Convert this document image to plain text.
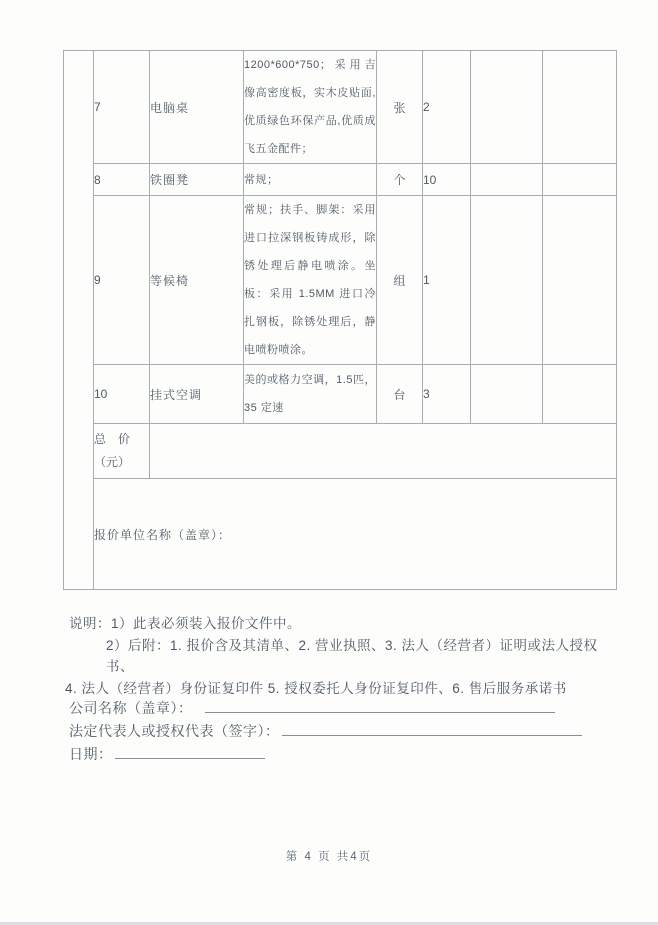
	7	电脑桌	1200*600*750；采用吉像高密度板，实木皮贴面,优质绿色环保产品,优质成飞五金配件；	张	2		
	8	铁圈凳	常规；	个	10		
	9	等候椅	常规；扶手、脚架：采用进口拉深钢板铸成形，除锈处理后静电喷涂。坐板：采用 1.5MM 进口冷扎钢板，除锈处理后，静电喷粉喷涂。	组	1		
	10	挂式空调	美的或格力空调，1.5匹，35 定速	台	3		

	总　价
（元）						

	报价单位名称（盖章）：						
说明：1）此表必须装入报价文件中。
2）后附：1. 报价含及其清单、2. 营业执照、3. 法人（经营者）证明或法人授权书、
4. 法人（经营者）身份证复印件 5. 授权委托人身份证复印件、6. 售后服务承诺书
公司名称（盖章）：
法定代表人或授权代表（签字）：
日期：
第 4 页 共4页
